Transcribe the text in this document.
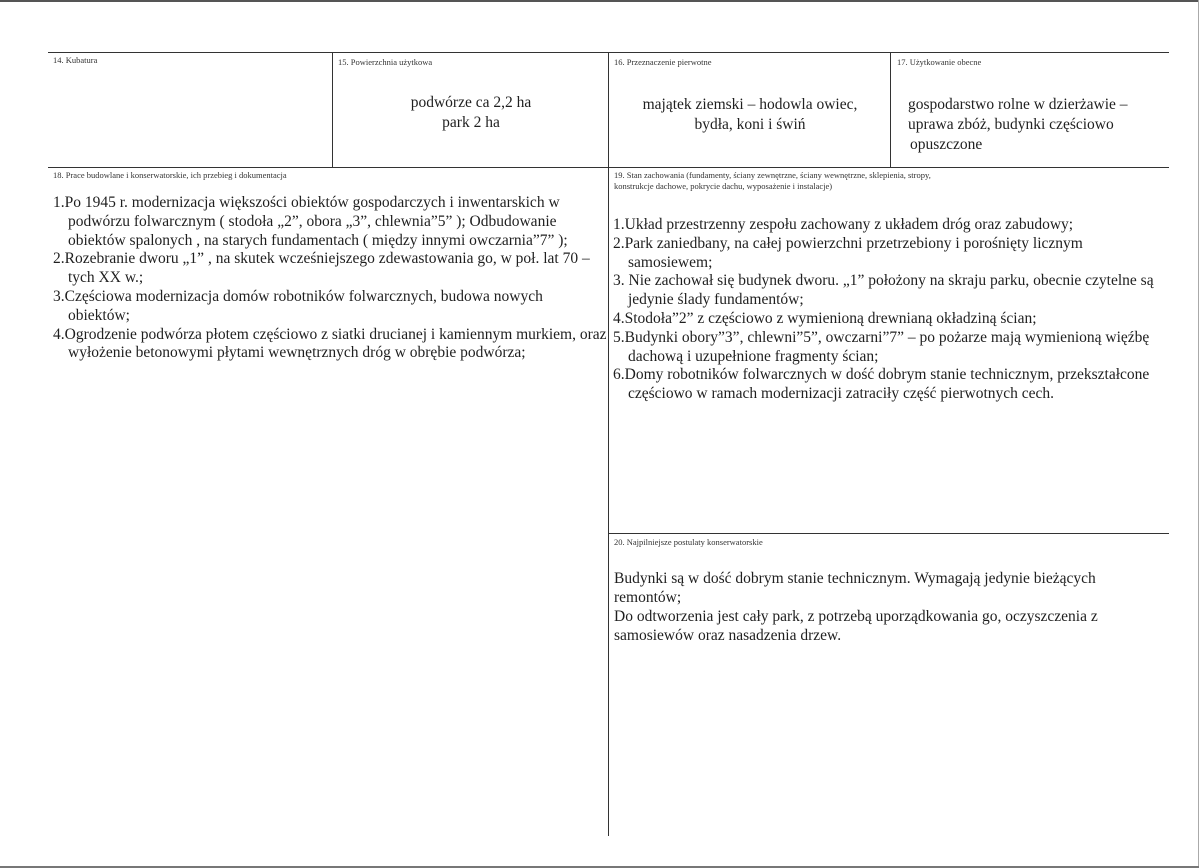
14. Kubatura	15. Powierzchnia użytkowa
podwórze ca 2,2 ha
park 2 ha
16. Przeznaczenie pierwotne
majątek ziemski – hodowla owiec,
bydła, koni i świń
17. Użytkowanie obecne
gospodarstwo rolne w dzierżawie –
uprawa zbóż, budynki częściowo
opuszczone
18. Prace budowlane i konserwatorskie, ich przebieg i dokumentacja
1.Po 1945 r. modernizacja większości obiektów gospodarczych i inwentarskich w podwórzu folwarcznym ( stodoła „2”, obora „3”, chlewnia”5” ); Odbudowanie obiektów spalonych , na starych fundamentach ( między innymi owczarnia”7” );
2.Rozebranie dworu „1” , na skutek wcześniejszego zdewastowania go, w poł. lat 70 – tych XX w.;
3.Częściowa modernizacja domów robotników folwarcznych, budowa nowych obiektów;
4.Ogrodzenie podwórza płotem częściowo z siatki drucianej i kamiennym murkiem, oraz wyłożenie betonowymi płytami wewnętrznych dróg w obrębie podwórza;
19. Stan zachowania (fundamenty, ściany zewnętrzne, ściany wewnętrzne, sklepienia, stropy,
konstrukcje dachowe, pokrycie dachu, wyposażenie i instalacje)
1.Układ przestrzenny zespołu zachowany z układem dróg oraz zabudowy;
2.Park zaniedbany, na całej powierzchni przetrzebiony i porośnięty licznym samosiewem;
3. Nie zachował się budynek dworu. „1” położony na skraju parku, obecnie czytelne są jedynie ślady fundamentów;
4.Stodoła”2” z częściowo z wymienioną drewnianą okładziną ścian;
5.Budynki obory”3”, chlewni”5”, owczarni”7” – po pożarze mają wymienioną więźbę dachową i uzupełnione fragmenty ścian;
6.Domy robotników folwarcznych w dość dobrym stanie technicznym, przekształcone częściowo w ramach modernizacji zatraciły część pierwotnych cech.
20. Najpilniejsze postulaty konserwatorskie

Budynki są w dość dobrym stanie technicznym. Wymagają jedynie bieżących remontów;

Do odtworzenia jest cały park, z potrzebą uporządkowania go, oczyszczenia z samosiewów oraz nasadzenia drzew.
